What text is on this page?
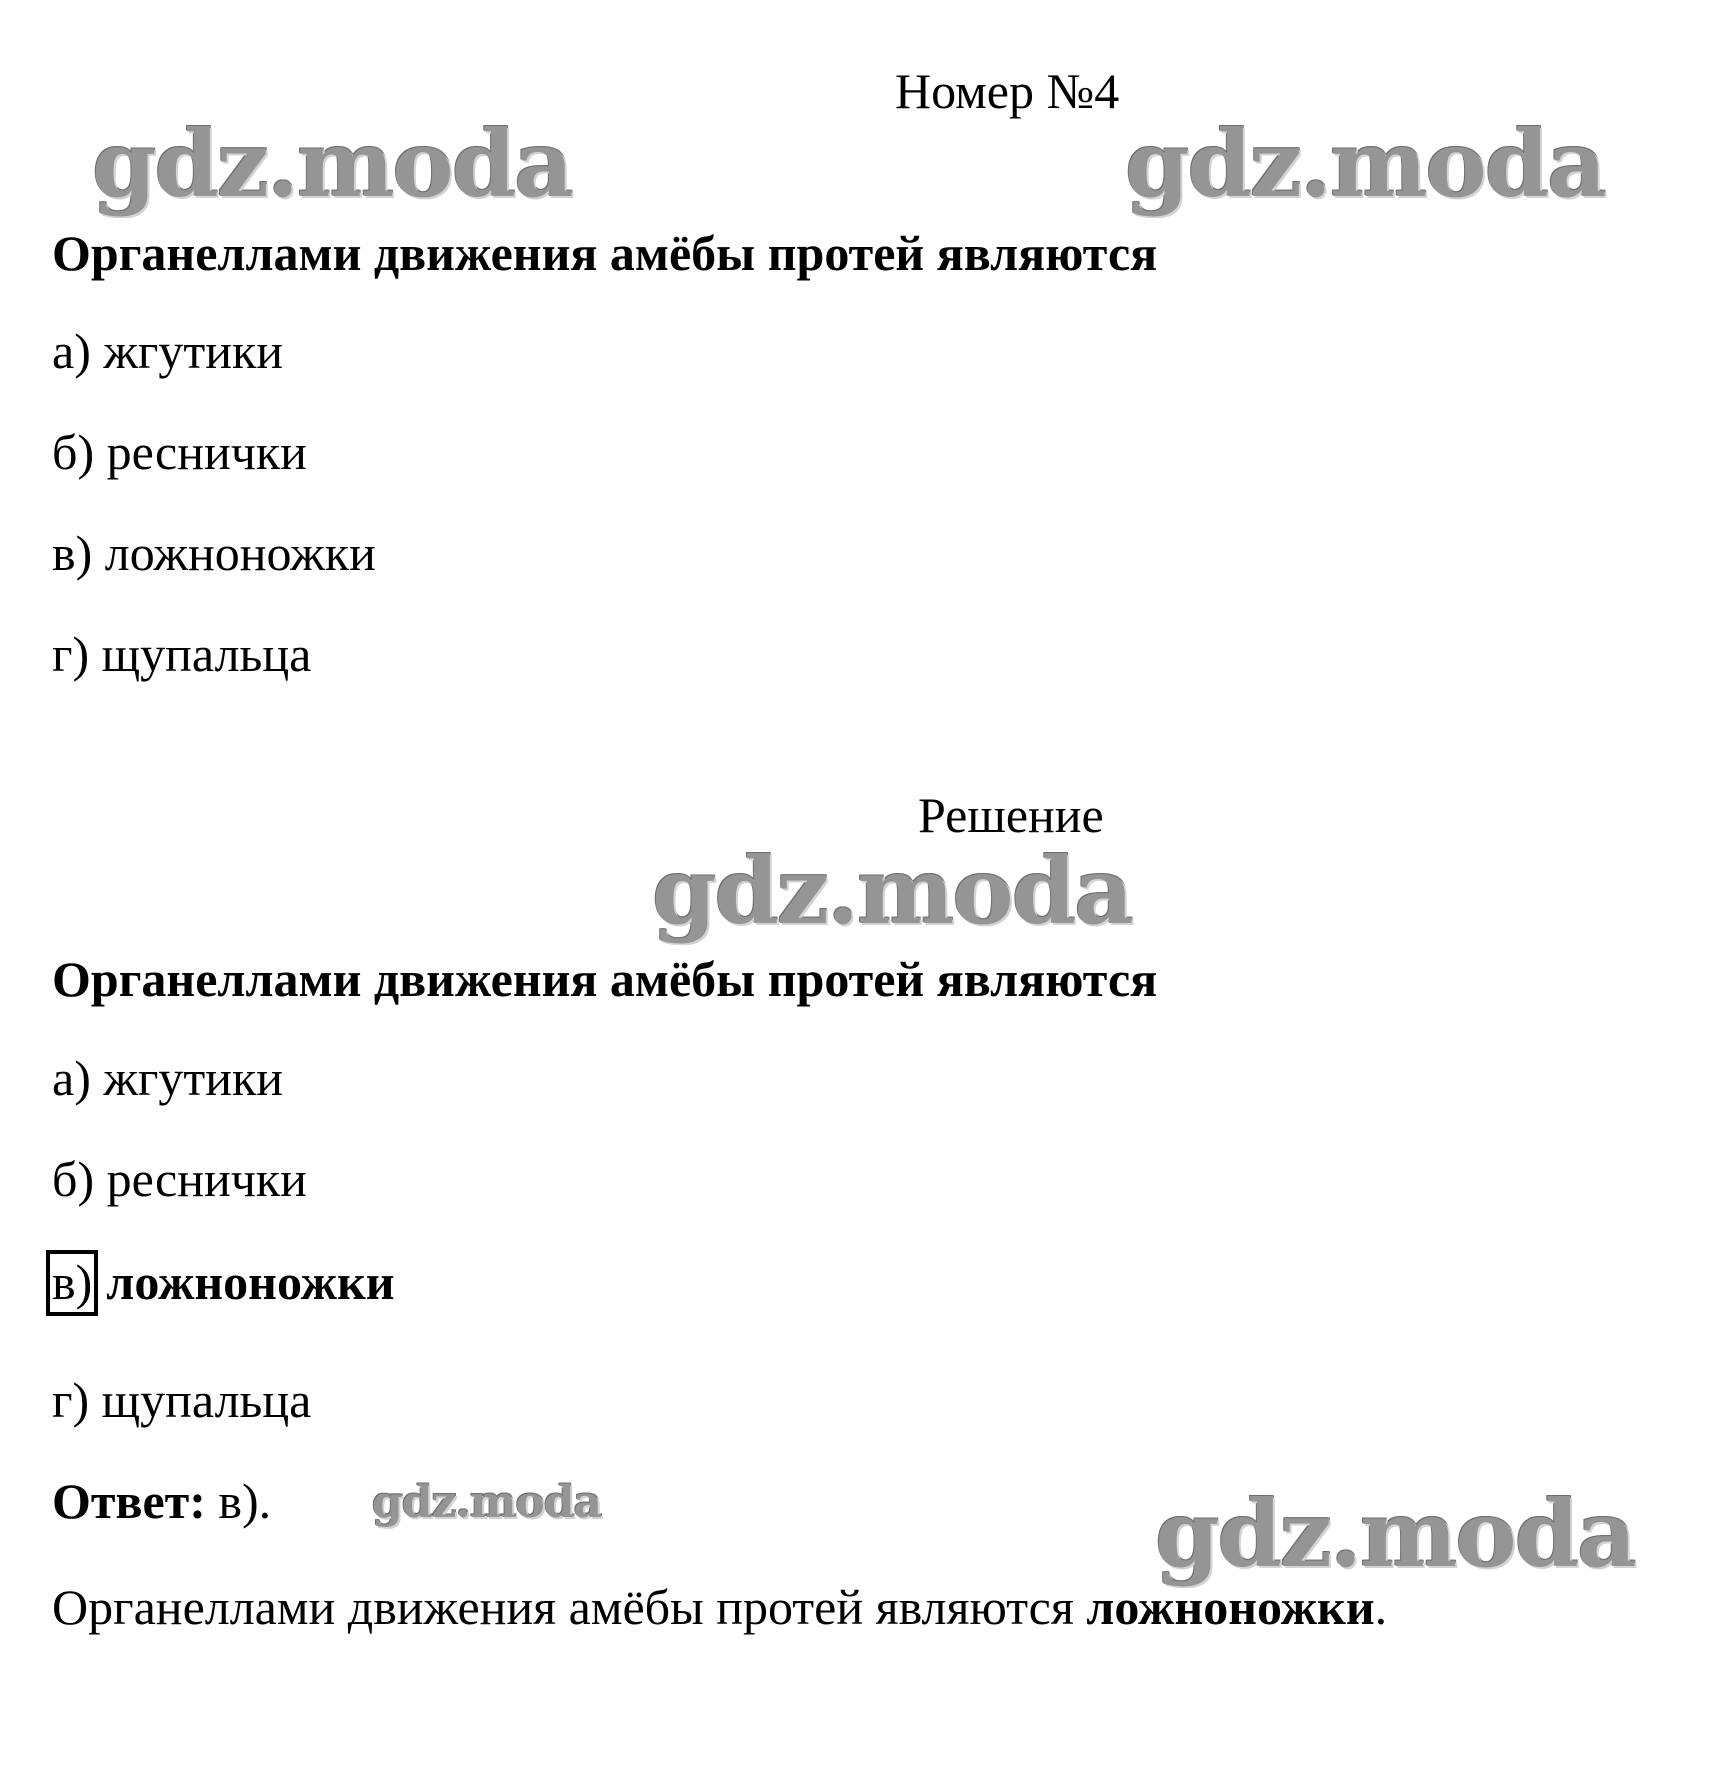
Номер №4
gdz.moda	gdz.moda
Органеллами движения амёбы протей являются
а) жгутики
б) реснички
в) ложноножки
г) щупальца
Решение
gdz.moda
Органеллами движения амёбы протей являются
а) жгутики
б) реснички
в) ложноножки
г) щупальца
Ответ: в). gdz.moda	gdz.moda
Органеллами движения амёбы протей являются ложноножки.
